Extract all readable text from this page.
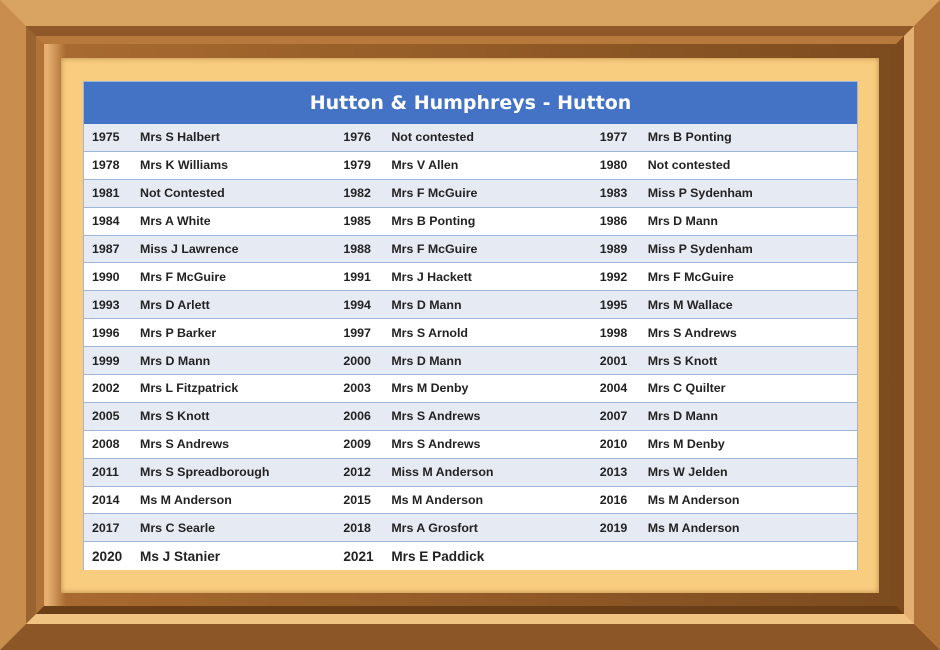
Hutton & Humphreys - Hutton
1975	Mrs S Halbert	1976	Not contested	1977	Mrs B Ponting
1978	Mrs K Williams	1979	Mrs V Allen	1980	Not contested
1981	Not Contested	1982	Mrs F McGuire	1983	Miss P Sydenham
1984	Mrs A White	1985	Mrs B Ponting	1986	Mrs D Mann
1987	Miss J Lawrence	1988	Mrs F McGuire	1989	Miss P Sydenham
1990	Mrs F McGuire	1991	Mrs J Hackett	1992	Mrs F McGuire
1993	Mrs D Arlett	1994	Mrs D Mann	1995	Mrs M Wallace
1996	Mrs P Barker	1997	Mrs S Arnold	1998	Mrs S Andrews
1999	Mrs D Mann	2000	Mrs D Mann	2001	Mrs S Knott
2002	Mrs L Fitzpatrick	2003	Mrs M Denby	2004	Mrs C Quilter
2005	Mrs S Knott	2006	Mrs S Andrews	2007	Mrs D Mann
2008	Mrs S Andrews	2009	Mrs S Andrews	2010	Mrs M Denby
2011	Mrs S Spreadborough	2012	Miss M Anderson	2013	Mrs W Jelden
2014	Ms M Anderson	2015	Ms M Anderson	2016	Ms M Anderson
2017	Mrs C Searle	2018	Mrs A Grosfort	2019	Ms M Anderson
2020	Ms J Stanier	2021	Mrs E Paddick
